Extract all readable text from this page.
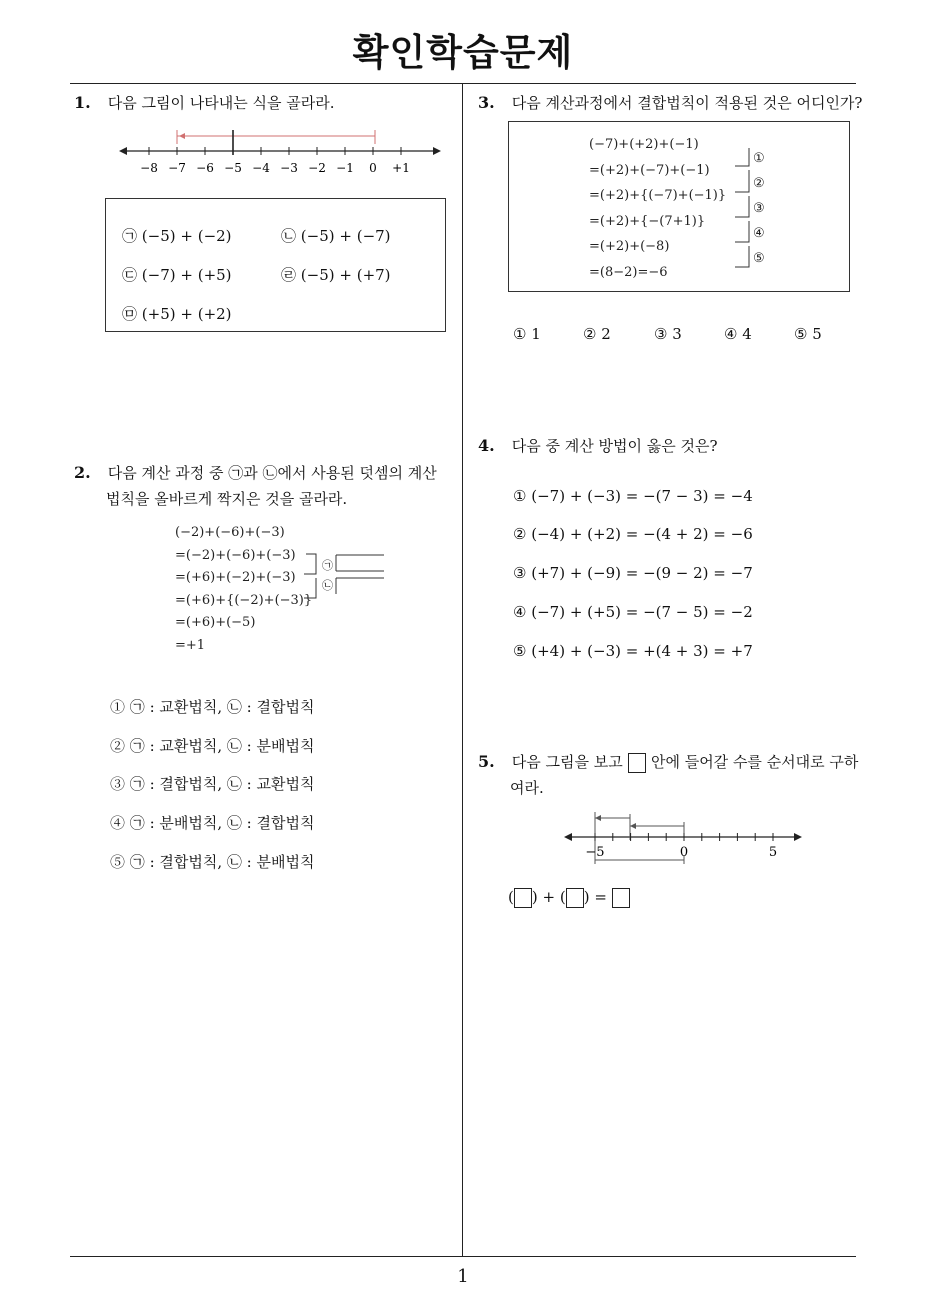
확인학습문제
1
1. 다음 그림이 나타내는 식을 골라라.
−8 −7 −6 −5 −4 −3 −2 −1 0 +1
㉠ (−5) + (−2)	㉡ (−5) + (−7)
㉢ (−7) + (+5)	㉣ (−5) + (+7)
㉤ (+5) + (+2)
2. 다음 계산 과정 중 ㉠과 ㉡에서 사용된 덧셈의 계산
법칙을 올바르게 짝지은 것을 골라라.
(−2)+(−6)+(−3)
=(−2)+(−6)+(−3)
=(+6)+(−2)+(−3)
=(+6)+{(−2)+(−3)}
=(+6)+(−5)
=+1
㉠
㉡
① ㉠ : 교환법칙, ㉡ : 결합법칙
② ㉠ : 교환법칙, ㉡ : 분배법칙
③ ㉠ : 결합법칙, ㉡ : 교환법칙
④ ㉠ : 분배법칙, ㉡ : 결합법칙
⑤ ㉠ : 결합법칙, ㉡ : 분배법칙
3. 다음 계산과정에서 결합법칙이 적용된 것은 어디인가?
(−7)+(+2)+(−1)
=(+2)+(−7)+(−1)
=(+2)+{(−7)+(−1)}
=(+2)+{−(7+1)}
=(+2)+(−8)
=(8−2)=−6
①
②
③
④
⑤
① 1	② 2	③ 3	④ 4	⑤ 5
4. 다음 중 계산 방법이 옳은 것은?
① (−7) + (−3) = −(7 − 3) = −4
② (−4) + (+2) = −(4 + 2) = −6
③ (+7) + (−9) = −(9 − 2) = −7
④ (−7) + (+5) = −(7 − 5) = −2
⑤ (+4) + (−3) = +(4 + 3) = +7
5. 다음 그림을 보고 안에 들어갈 수를 순서대로 구하
여라.
−5	0	5
( ) + ( ) =
